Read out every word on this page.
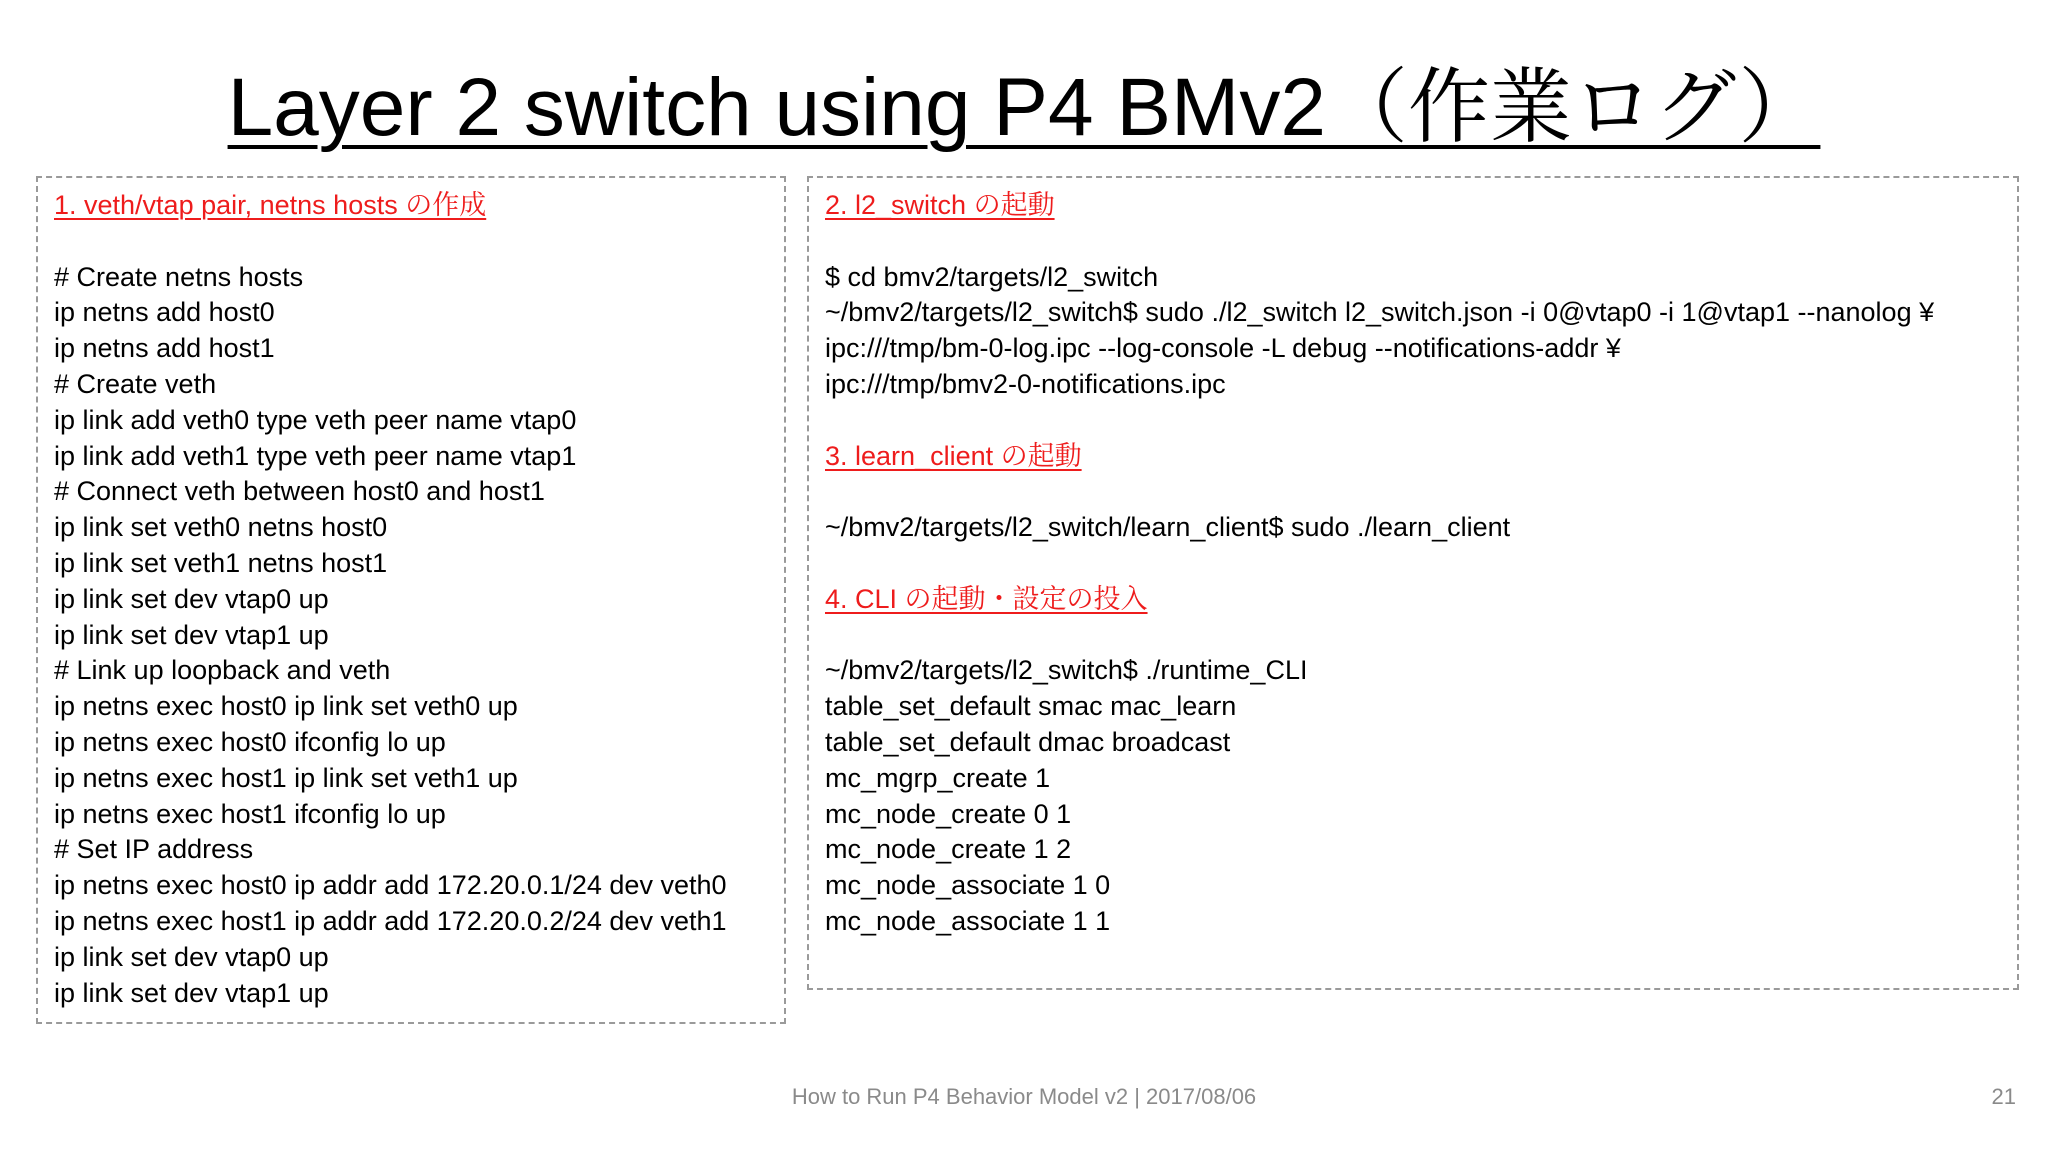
Layer 2 switch using P4 BMv2（作業ログ）
1. veth/vtap pair, netns hosts の作成
# Create netns hosts
ip netns add host0
ip netns add host1
# Create veth
ip link add veth0 type veth peer name vtap0
ip link add veth1 type veth peer name vtap1
# Connect veth between host0 and host1
ip link set veth0 netns host0
ip link set veth1 netns host1
ip link set dev vtap0 up
ip link set dev vtap1 up
# Link up loopback and veth
ip netns exec host0 ip link set veth0 up
ip netns exec host0 ifconfig lo up
ip netns exec host1 ip link set veth1 up
ip netns exec host1 ifconfig lo up
# Set IP address
ip netns exec host0 ip addr add 172.20.0.1/24 dev veth0
ip netns exec host1 ip addr add 172.20.0.2/24 dev veth1
ip link set dev vtap0 up
ip link set dev vtap1 up
2. l2_switch の起動
$ cd bmv2/targets/l2_switch
~/bmv2/targets/l2_switch$ sudo ./l2_switch l2_switch.json -i 0@vtap0 -i 1@vtap1 --nanolog ¥
ipc:///tmp/bm-0-log.ipc --log-console -L debug --notifications-addr ¥
ipc:///tmp/bmv2-0-notifications.ipc
3. learn_client の起動
~/bmv2/targets/l2_switch/learn_client$ sudo ./learn_client
4. CLI の起動・設定の投入
~/bmv2/targets/l2_switch$ ./runtime_CLI
table_set_default smac mac_learn
table_set_default dmac broadcast
mc_mgrp_create 1
mc_node_create 0 1
mc_node_create 1 2
mc_node_associate 1 0
mc_node_associate 1 1
How to Run P4 Behavior Model v2 | 2017/08/06	21
